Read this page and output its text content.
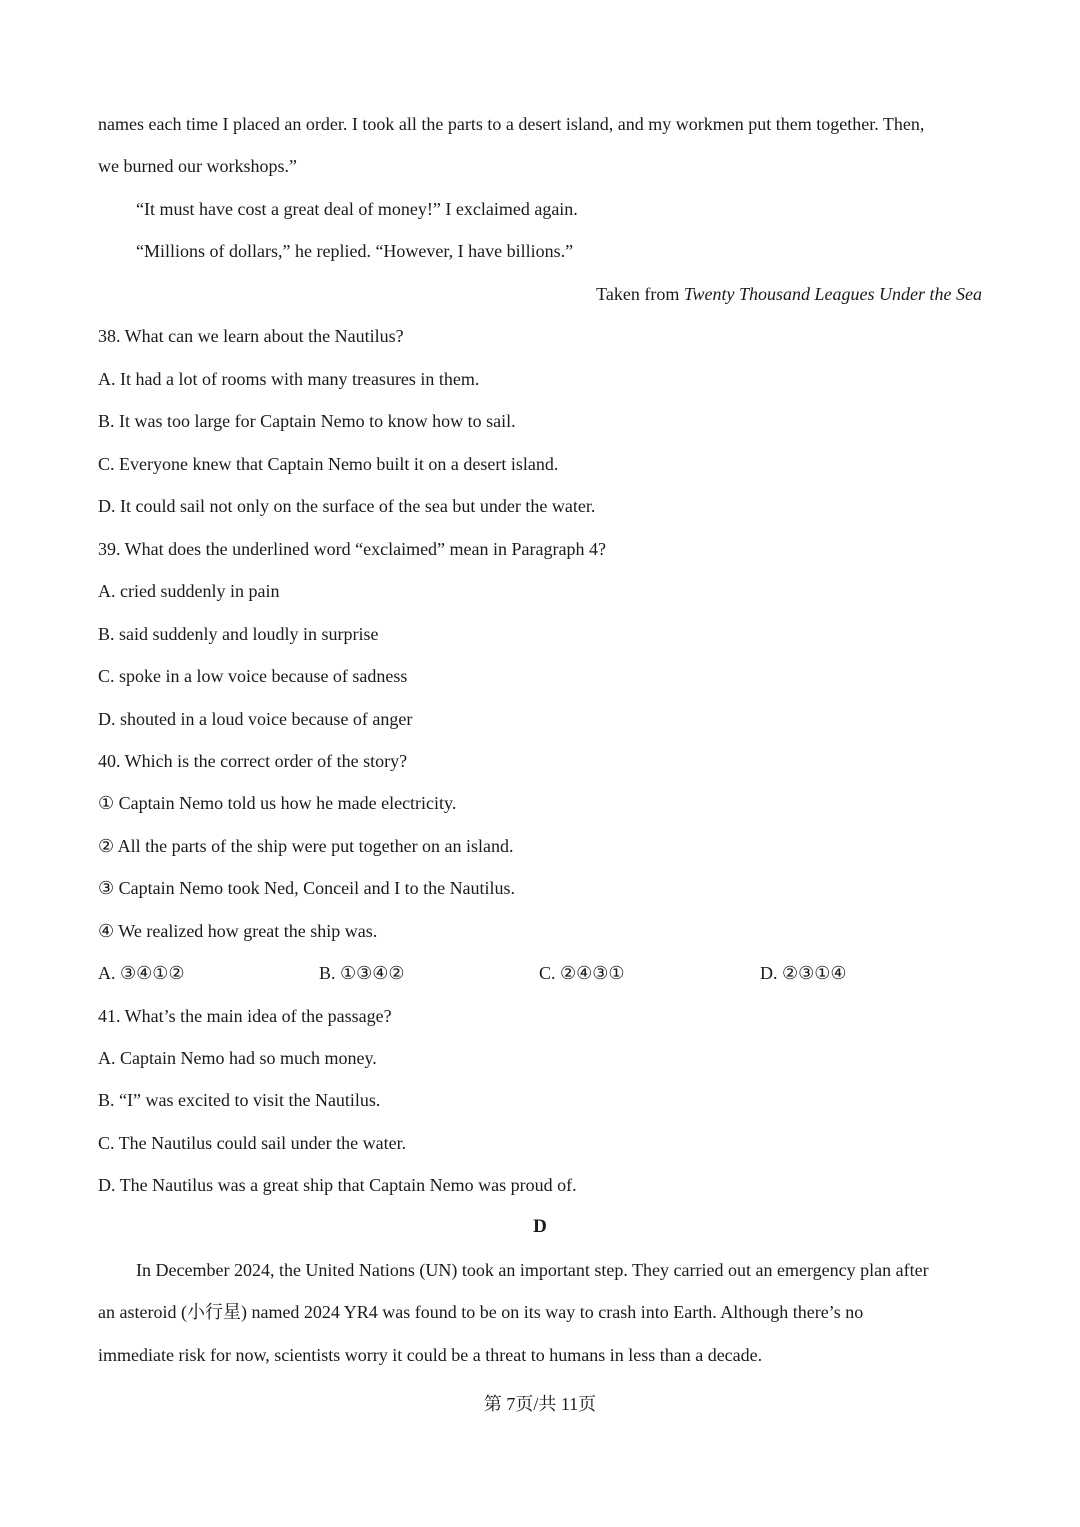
names each time I placed an order. I took all the parts to a desert island, and my workmen put them together. Then,
we burned our workshops.”
“It must have cost a great deal of money!” I exclaimed again.
“Millions of dollars,” he replied. “However, I have billions.”
Taken from Twenty Thousand Leagues Under the Sea
38. What can we learn about the Nautilus?
A. It had a lot of rooms with many treasures in them.
B. It was too large for Captain Nemo to know how to sail.
C. Everyone knew that Captain Nemo built it on a desert island.
D. It could sail not only on the surface of the sea but under the water.
39. What does the underlined word “exclaimed” mean in Paragraph 4?
A. cried suddenly in pain
B. said suddenly and loudly in surprise
C. spoke in a low voice because of sadness
D. shouted in a loud voice because of anger
40. Which is the correct order of the story?
① Captain Nemo told us how he made electricity.
② All the parts of the ship were put together on an island.
③ Captain Nemo took Ned, Conceil and I to the Nautilus.
④ We realized how great the ship was.
A. ③④①②	B. ①③④②	C. ②④③①	D. ②③①④
41. What’s the main idea of the passage?
A. Captain Nemo had so much money.
B. “I” was excited to visit the Nautilus.
C. The Nautilus could sail under the water.
D. The Nautilus was a great ship that Captain Nemo was proud of.
D
In December 2024, the United Nations (UN) took an important step. They carried out an emergency plan after
an asteroid (小行星) named 2024 YR4 was found to be on its way to crash into Earth. Although there’s no
immediate risk for now, scientists worry it could be a threat to humans in less than a decade.
第 7页/共 11页
